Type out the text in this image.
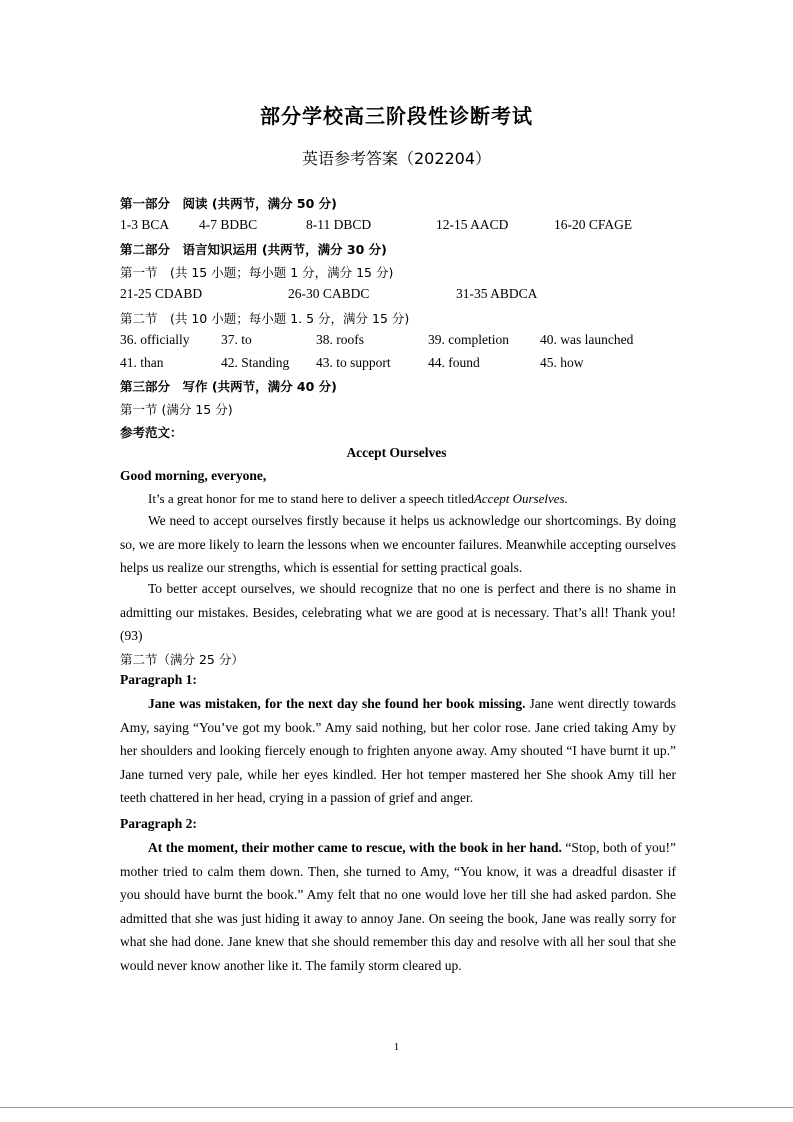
部分学校高三阶段性诊断考试
英语参考答案（202204）
第一部分　阅读 (共两节，满分 50 分)
1-3 BCA 4-7 BDBC	8-11 DBCD	12-15 AACD	16-20 CFAGE
第二部分　语言知识运用 (共两节，满分 30 分)
第一节　(共 15 小题；每小题 1 分，满分 15 分)
21-25 CDABD	26-30 CABDC	31-35 ABDCA
第二节　(共 10 小题；每小题 1. 5 分，满分 15 分)
36. officially 37. to	38. roofs	39. completion 40. was launched
41. than	42. Standing 43. to support	44. found	45. how
第三部分　写作 (共两节，满分 40 分)
第一节 (满分 15 分)
参考范文：
Accept Ourselves
Good morning, everyone,
It’s a great honor for me to stand here to deliver a speech titledAccept Ourselves.

We need to accept ourselves firstly because it helps us acknowledge our shortcomings. By doing so, we are more likely to learn the lessons when we encounter failures. Meanwhile accepting ourselves helps us realize our strengths, which is essential for setting practical goals.

To better accept ourselves, we should recognize that no one is perfect and there is no shame in admitting our mistakes. Besides, celebrating what we are good at is necessary. That’s all! Thank you!　(93)

第二节（满分 25 分）
Paragraph 1:

Jane was mistaken, for the next day she found her book missing. Jane went directly towards Amy, saying “You’ve got my book.” Amy said nothing, but her color rose. Jane cried taking Amy by her shoulders and looking fiercely enough to frighten anyone away. Amy shouted “I have burnt it up.” Jane turned very pale, while her eyes kindled. Her hot temper mastered her She shook Amy till her teeth chattered in her head, crying in a passion of grief and anger.

Paragraph 2:

At the moment, their mother came to rescue, with the book in her hand. “Stop, both of you!” mother tried to calm them down. Then, she turned to Amy, “You know, it was a dreadful disaster if you should have burnt the book.” Amy felt that no one would love her till she had asked pardon. She admitted that she was just hiding it away to annoy Jane. On seeing the book, Jane was really sorry for what she had done. Jane knew that she should remember this day and resolve with all her soul that she would never know another like it. The family storm cleared up.

1
